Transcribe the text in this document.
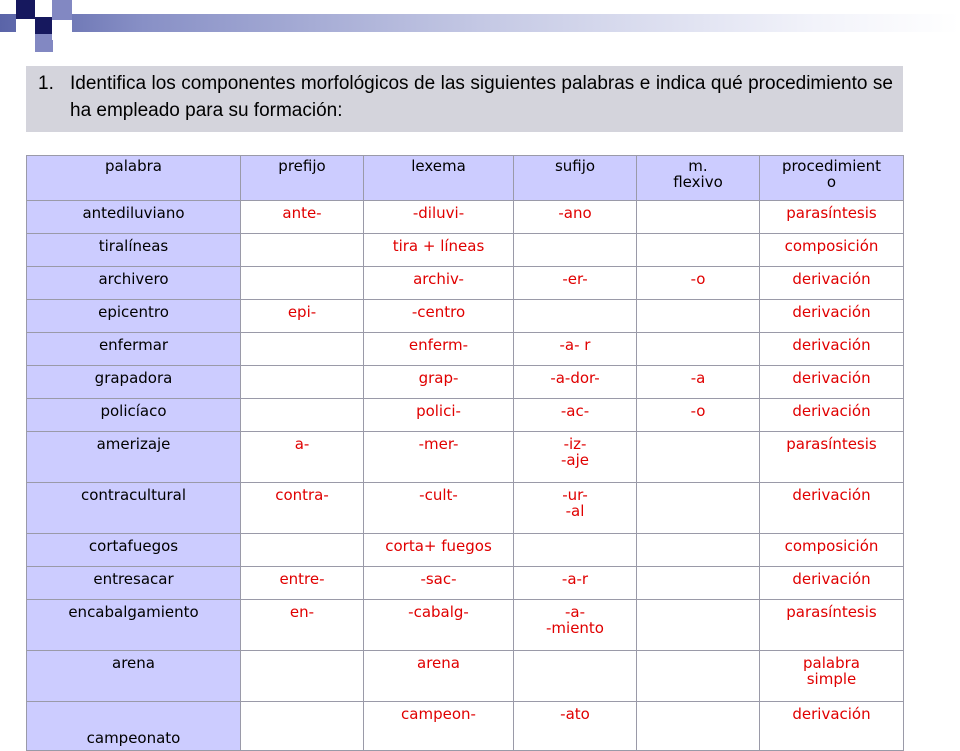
1. Identifica los componentes morfológicos de las siguientes palabras e indica qué procedimiento se ha empleado para su formación:
palabra	prefijo	lexema	sufijo	m.
flexivo	procedimient
o

antediluviano	ante-	-diluvi-	-ano		parasíntesis

tiralíneas		tira + líneas			composición

archivero		archiv-	-er-	-o	derivación

epicentro	epi-	-centro			derivación

enfermar		enferm-	-a- r		derivación

grapadora		grap-	-a-dor-	-a	derivación

policíaco		polici-	-ac-	-o	derivación

amerizaje	a-	-mer-	-iz-
-aje		parasíntesis

contracultural	contra-	-cult-	-ur-
-al		derivación

cortafuegos		corta+ fuegos			composición

entresacar	entre-	-sac-	-a-r		derivación

encabalgamiento	en-	-cabalg-	-a-
-miento		parasíntesis

arena		arena			palabra
simple

campeonato		campeon-	-ato		derivación
